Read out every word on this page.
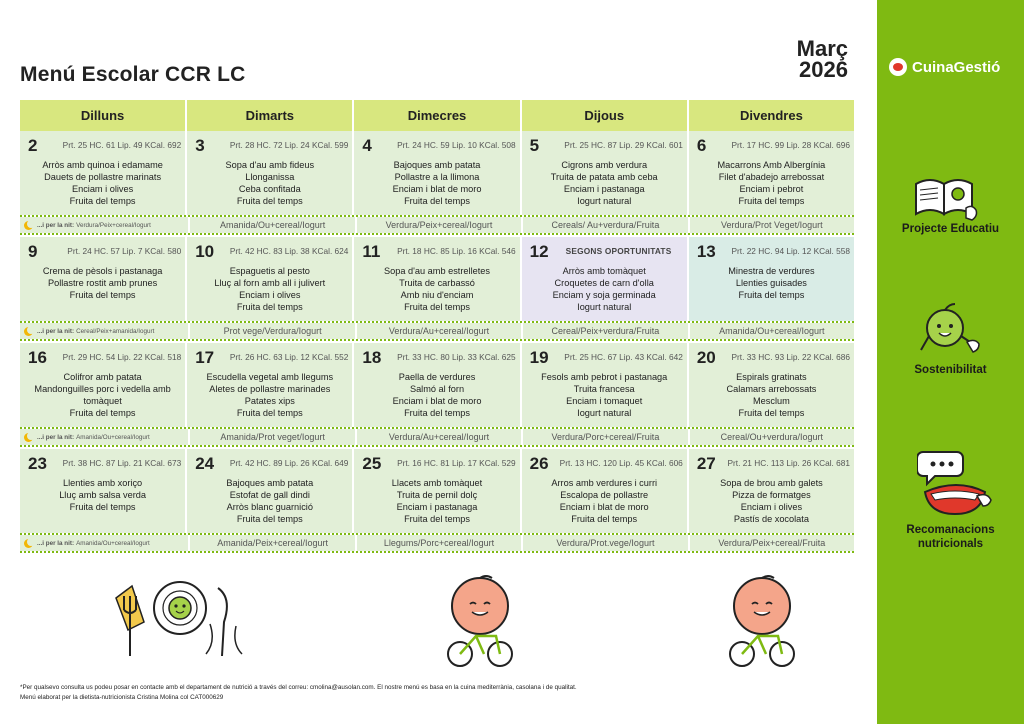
Menú Escolar CCR LC
Març
2026
Dilluns	Dimarts	Dimecres	Dijous	Divendres
2	Prt. 25 HC. 61 Lip. 49 KCal. 692
Arròs amb quinoa i edamame
Dauets de pollastre marinats
Enciam i olives
Fruita del temps
3	Prt. 28 HC. 72 Lip. 24 KCal. 599
Sopa d'au amb fideus
Llonganissa
Ceba confitada
Fruita del temps
4	Prt. 24 HC. 59 Lip. 10 KCal. 508
Bajoques amb patata
Pollastre a la llimona
Enciam i blat de moro
Fruita del temps
5	Prt. 25 HC. 87 Lip. 29 KCal. 601
Cigrons amb verdura
Truita de patata amb ceba
Enciam i pastanaga
Iogurt natural
6	Prt. 17 HC. 99 Lip. 28 KCal. 696
Macarrons Amb Albergínia
Filet d'abadejo arrebossat
Enciam i pebrot
Fruita del temps
...i per la nit: Verdura/Peix+cereal/Iogurt	Amanida/Ou+cereal/Iogurt	Verdura/Peix+cereal/Iogurt	Cereals/ Au+verdura/Fruita	Verdura/Prot Veget/Iogurt
9	Prt. 24 HC. 57 Lip. 7 KCal. 580
Crema de pèsols i pastanaga
Pollastre rostit amb prunes
Fruita del temps
10 Prt. 42 HC. 83 Lip. 38 KCal. 624
Espaguetis al pesto
Lluç al forn amb all i julivert
Enciam i olives
Fruita del temps
11 Prt. 18 HC. 85 Lip. 16 KCal. 546
Sopa d'au amb estrelletes
Truita de carbassó
Amb niu d'enciam
Fruita del temps
12 SEGONS OPORTUNITATS
Arròs amb tomàquet
Croquetes de carn d'olla
Enciam y soja germinada
Iogurt natural
13 Prt. 22 HC. 94 Lip. 12 KCal. 558
Minestra de verdures
Llenties guisades
Fruita del temps
...i per la nit: Cereal/Peix+amanida/Iogurt	Prot vege/Verdura/Iogurt	Verdura/Au+cereal/Iogurt	Cereal/Peix+verdura/Fruita	Amanida/Ou+cereal/Iogurt
16 Prt. 29 HC. 54 Lip. 22 KCal. 518
Colifror amb patata
Mandonguilles porc i vedella amb tomàquet
Fruita del temps
17 Prt. 26 HC. 63 Lip. 12 KCal. 552
Escudella vegetal amb llegums
Aletes de pollastre marinades
Patates xips
Fruita del temps
18 Prt. 33 HC. 80 Lip. 33 KCal. 625
Paella de verdures
Salmó al forn
Enciam i blat de moro
Fruita del temps
19 Prt. 25 HC. 67 Lip. 43 KCal. 642
Fesols amb pebrot i pastanaga
Truita francesa
Enciam i tomaquet
Iogurt natural
20 Prt. 33 HC. 93 Lip. 22 KCal. 686
Espirals gratinats
Calamars arrebossats
Mesclum
Fruita del temps
...i per la nit: Amanida/Ou+cereal/Iogurt	Amanida/Prot veget/Iogurt	Verdura/Au+cereal/Iogurt	Verdura/Porc+cereal/Fruita	Cereal/Ou+verdura/Iogurt
23 Prt. 38 HC. 87 Lip. 21 KCal. 673
Llenties amb xoriço
Lluç amb salsa verda
Fruita del temps
24 Prt. 42 HC. 89 Lip. 26 KCal. 649
Bajoques amb patata
Estofat de gall dindi
Arròs blanc guarnició
Fruita del temps
25 Prt. 16 HC. 81 Lip. 17 KCal. 529
Llacets amb tomàquet
Truita de pernil dolç
Enciam i pastanaga
Fruita del temps
26 Prt. 13 HC. 120 Lip. 45 KCal. 606
Arros amb verdures i curri
Escalopa de pollastre
Enciam i blat de moro
Fruita del temps
27 Prt. 21 HC. 113 Lip. 26 KCal. 681
Sopa de brou amb galets
Pizza de formatges
Enciam i olives
Pastís de xocolata
...i per la nit: Amanida/Ou+cereal/Iogurt	Amanida/Peix+cereal/Iogurt	Llegums/Porc+cereal/Iogurt	Verdura/Prot.vege/Iogurt	Verdura/Peix+cereal/Fruita
CuinaGestió
Projecte Educatiu
Sostenibilitat
Recomanacions nutricionals
*Per qualsevo consulta us podeu posar en contacte amb el departament de nutrició a través del correu: cmolina@ausolan.com. El nostre menú es basa en la cuina mediterrània, casolana i de qualitat.
Menú elaborat per la dietista-nutricionista Cristina Molina col CAT000629
